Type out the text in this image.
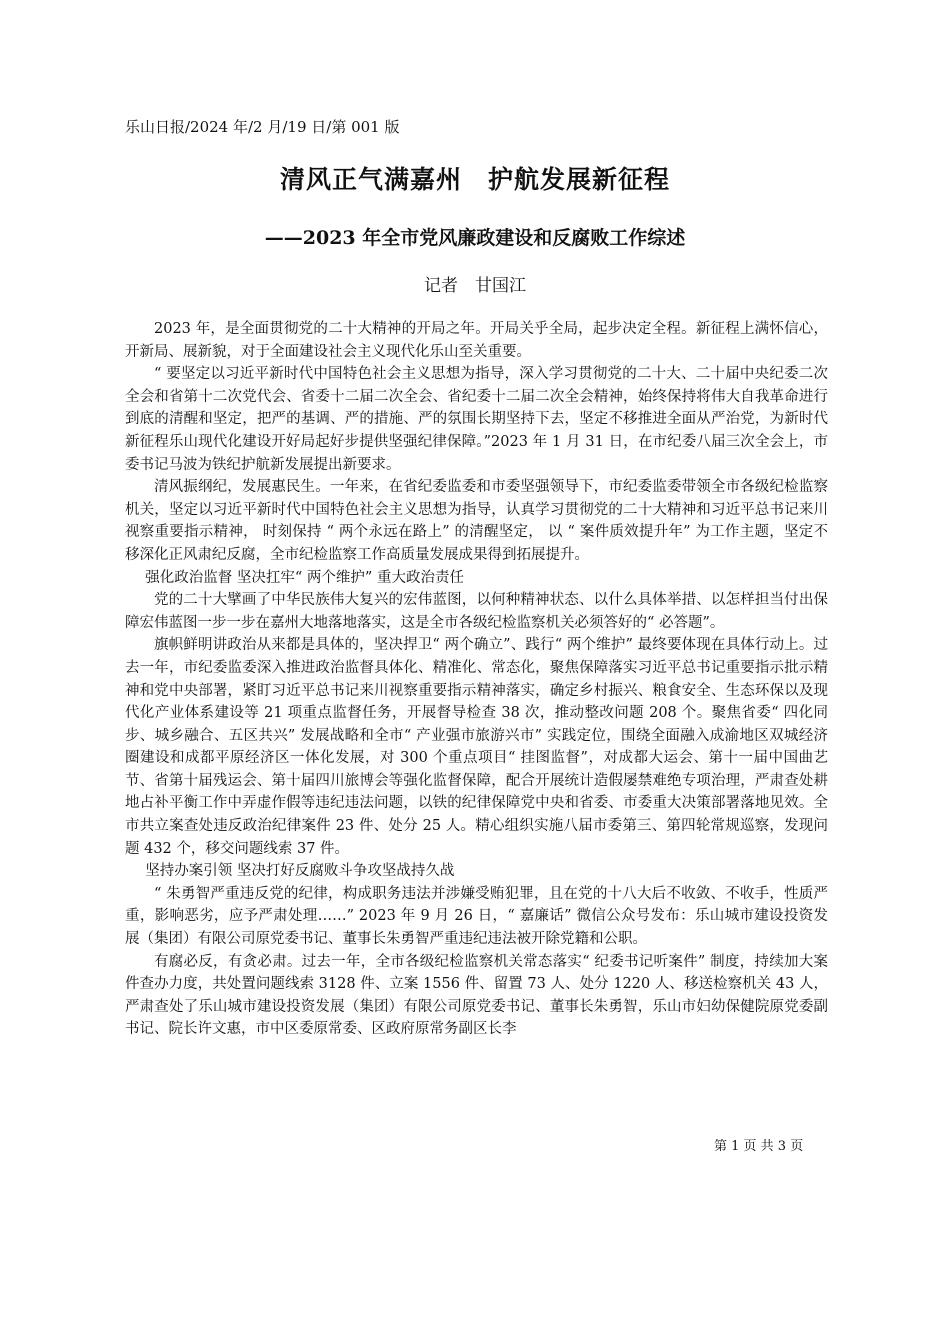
乐山日报/2024 年/2 月/19 日/第 001 版
清风正气满嘉州　护航发展新征程
——2023 年全市党风廉政建设和反腐败工作综述
记者　甘国江

2023 年，是全面贯彻党的二十大精神的开局之年。开局关乎全局，起步决定全程。新征程上满怀信心，开新局、展新貌，对于全面建设社会主义现代化乐山至关重要。

“ 要坚定以习近平新时代中国特色社会主义思想为指导，深入学习贯彻党的二十大、二十届中央纪委二次全会和省第十二次党代会、省委十二届二次全会、省纪委十二届二次全会精神，始终保持将伟大自我革命进行到底的清醒和坚定，把严的基调、严的措施、严的氛围长期坚持下去，坚定不移推进全面从严治党，为新时代新征程乐山现代化建设开好局起好步提供坚强纪律保障。”2023 年 1 月 31 日，在市纪委八届三次全会上，市委书记马波为铁纪护航新发展提出新要求。

清风振纲纪，发展惠民生。一年来，在省纪委监委和市委坚强领导下，市纪委监委带领全市各级纪检监察机关，坚定以习近平新时代中国特色社会主义思想为指导，认真学习贯彻党的二十大精神和习近平总书记来川视察重要指示精神， 时刻保持 “ 两个永远在路上” 的清醒坚定， 以 “ 案件质效提升年” 为工作主题，坚定不移深化正风肃纪反腐，全市纪检监察工作高质量发展成果得到拓展提升。

强化政治监督 坚决扛牢“ 两个维护” 重大政治责任

党的二十大擘画了中华民族伟大复兴的宏伟蓝图，以何种精神状态、以什么具体举措、以怎样担当付出保障宏伟蓝图一步一步在嘉州大地落地落实，这是全市各级纪检监察机关必须答好的“ 必答题”。

旗帜鲜明讲政治从来都是具体的，坚决捍卫“ 两个确立”、践行“ 两个维护” 最终要体现在具体行动上。过去一年，市纪委监委深入推进政治监督具体化、精准化、常态化，聚焦保障落实习近平总书记重要指示批示精神和党中央部署，紧盯习近平总书记来川视察重要指示精神落实，确定乡村振兴、粮食安全、生态环保以及现代化产业体系建设等 21 项重点监督任务，开展督导检查 38 次，推动整改问题 208 个。聚焦省委“ 四化同步、城乡融合、五区共兴” 发展战略和全市“ 产业强市旅游兴市” 实践定位，围绕全面融入成渝地区双城经济圈建设和成都平原经济区一体化发展，对 300 个重点项目“ 挂图监督”，对成都大运会、第十一届中国曲艺节、省第十届残运会、第十届四川旅博会等强化监督保障，配合开展统计造假屡禁难绝专项治理，严肃查处耕地占补平衡工作中弄虚作假等违纪违法问题，以铁的纪律保障党中央和省委、市委重大决策部署落地见效。全市共立案查处违反政治纪律案件 23 件、处分 25 人。精心组织实施八届市委第三、第四轮常规巡察，发现问题 432 个，移交问题线索 37 件。

坚持办案引领 坚决打好反腐败斗争攻坚战持久战

“ 朱勇智严重违反党的纪律，构成职务违法并涉嫌受贿犯罪，且在党的十八大后不收敛、不收手，性质严重，影响恶劣，应予严肃处理……” 2023 年 9 月 26 日，“ 嘉廉话” 微信公众号发布：乐山城市建设投资发展（集团）有限公司原党委书记、董事长朱勇智严重违纪违法被开除党籍和公职。

有腐必反，有贪必肃。过去一年，全市各级纪检监察机关常态落实“ 纪委书记听案件” 制度，持续加大案件查办力度，共处置问题线索 3128 件、立案 1556 件、留置 73 人、处分 1220 人、移送检察机关 43 人，严肃查处了乐山城市建设投资发展（集团）有限公司原党委书记、董事长朱勇智，乐山市妇幼保健院原党委副书记、院长许文惠，市中区委原常委、区政府原常务副区长李

第 1 页 共 3 页
